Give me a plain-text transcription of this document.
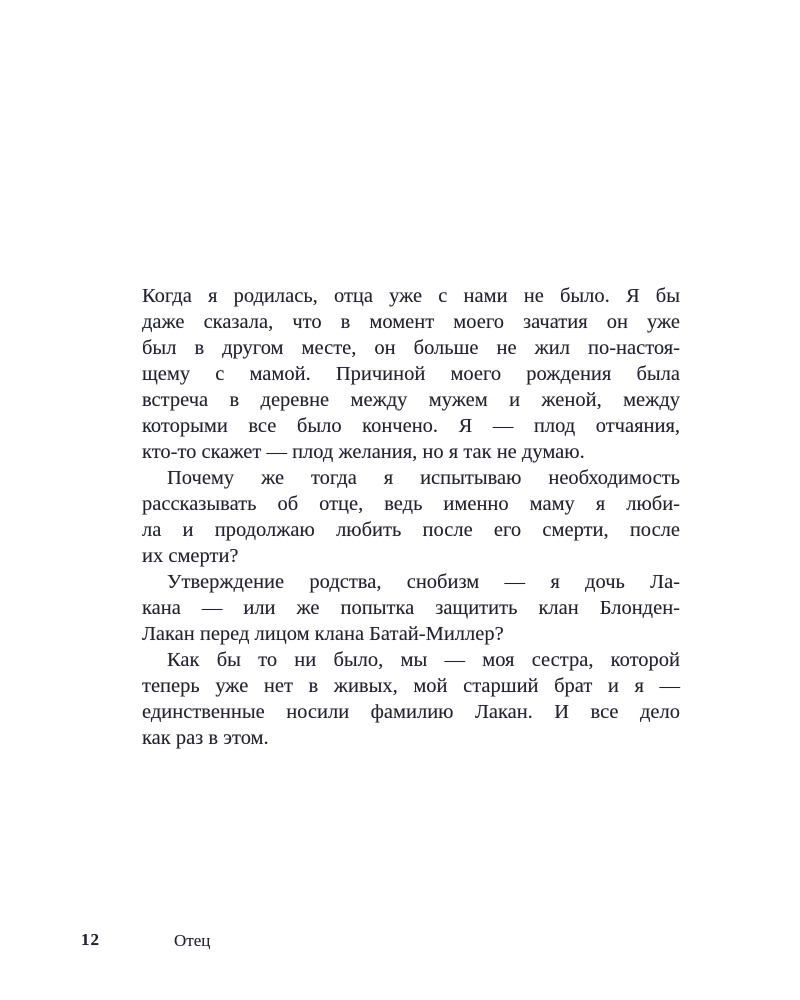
Когда я родилась, отца уже с нами не было. Я бы
даже сказала, что в момент моего зачатия он уже
был в другом месте, он больше не жил по-настоя-
щему с мамой. Причиной моего рождения была
встреча в деревне между мужем и женой, между
которыми все было кончено. Я — плод отчаяния,
кто-то скажет — плод желания, но я так не думаю.
Почему же тогда я испытываю необходимость
рассказывать об отце, ведь именно маму я люби-
ла и продолжаю любить после его смерти, после
их смерти?
Утверждение родства, снобизм — я дочь Ла-
кана — или же попытка защитить клан Блонден-
Лакан перед лицом клана Батай-Миллер?
Как бы то ни было, мы — моя сестра, которой
теперь уже нет в живых, мой старший брат и я —
единственные носили фамилию Лакан. И все дело
как раз в этом.
12	Отец
